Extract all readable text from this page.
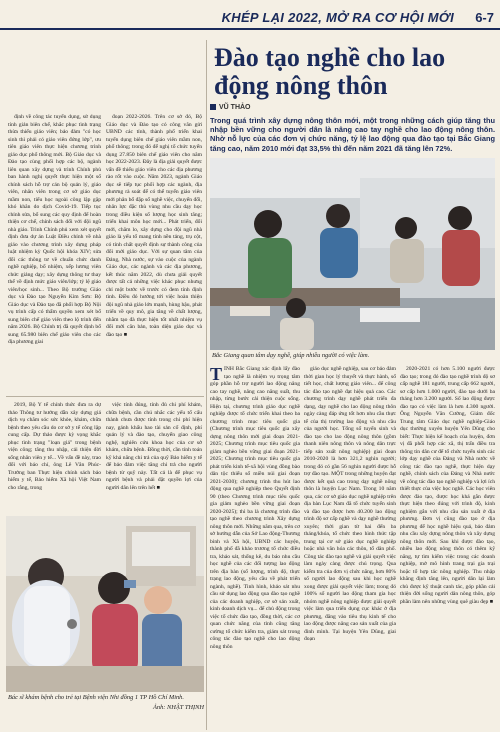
KHÉP LẠI 2022, MỞ RA CƠ HỘI MỚI 6-7

định về công tác tuyển dụng, sử dụng tính giản biên chế, khắc phục tình trạng thừa thiếu giáo viên; bảo đảm "có học sinh thì phải có giáo viên đứng lớp", ưu tiên giáo viên thực hiện chương trình giáo dục phổ thông mới. Bộ Giáo dục và Đào tạo cùng phối hợp các bộ, ngành liên quan xây dựng và trình Chính phủ ban hành nghị quyết thực hiện một số chính sách hỗ trợ cán bộ quản lý, giáo viên, nhân viên trong cơ sở giáo dục mầm non, tiểu học ngoài công lập gặp khó khăn do dịch Covid-19. Tiếp tục chỉnh sửa, bổ sung các quy định để hoàn thiện cơ chế, chính sách đối với đội ngũ nhà giáo. Trình Chính phủ xem xét quyết định đưa dự án Luật Điều chỉnh về nhà giáo vào chương trình xây dựng pháp luật nhiệm kỳ Quốc hội khóa XIV; sửa đổi các thông tư về chuẩn chức danh nghề nghiệp, bổ nhiệm, xếp lương viên chức giảng dạy; xây dựng thông tư thay thế về định mức giáo viên/lớp; tỷ lệ giáo viên/học sinh... Theo Bộ trưởng Giáo dục và Đào tạo Nguyễn Kim Sơn: Bộ Giáo dục và Đào tạo đã phối hợp Bộ Nội vụ trình cấp có thẩm quyền xem xét bổ sung biên chế giáo viên theo lộ trình đến năm 2026. Bộ Chính trị đã quyết định bổ sung 65.980 biên chế giáo viên cho các địa phương giai

đoạn 2022-2026. Trên cơ sở đó, Bộ Giáo dục và Đào tạo có công văn gửi UBND các tỉnh, thành phố triển khai tuyển dụng biên chế giáo viên mầm non, phổ thông; trong đó để nghị tổ chức tuyển dụng 27.850 biên chế giáo viên cho năm học 2022-2023. Đây là địa giải quyết được vấn đề thiếu giáo viên cho các địa phương rào rốt vào cuộc. Năm 2023, ngành Giáo dục sẽ tiếp tục phối hợp các ngành, địa phương rà soát để có thể tuyển giáo viên mới phân bổ đặp số nghề việc, chuyển đổi, nhân lực đặc thù vùng nhu cầu dạy học trong điều kiện số lượng học sinh tăng; triển khai môn học mới... Phát triển, đổi mới, chăm lo, xây dựng cho đội ngũ nhà giáo là yếu tố mang tính nền tảng, trụ cột, có tính chất quyết định sự thành công của đổi mới giáo dục. Với sự quan tâm của Đảng, Nhà nước, sự vào cuộc của ngành Giáo dục, các ngành và các địa phương, kết thúc năm 2022, dù chưa giải quyết được tất cả những việc khác phục nhưng chỉ một bước về trước có đem tính định tình. Điều đó hướng tới việc hoàn thiện đội ngũ nhà giáo lớn mạnh, hùng hậu, phát triển về quy mô, gia tăng về chất lượng, nhằm tạo đà thực hiện tốt nhất nhiệm vụ đổi mới căn bản, toàn diện giáo dục và đào tạo ■

2019, Bộ Y tế chính thức đưa ra dự thảo Thông tư hướng dẫn xây dựng giá dịch vụ chăm sóc sức khỏe, khám, chữa bệnh theo yêu cầu do cơ sở y tế công lập cung cấp. Dự thảo được kỳ vọng khắc phục tình trạng "loạn giá" trong bệnh viện công; tăng thu nhập, cải thiện đời sống nhân viên y tế... Về vấn đề này, trao đổi với báo chí, ông Lê Văn Phúc-Trưởng ban Thực hiện chính sách bảo hiểm y tế, Bảo hiểm Xã hội Việt Nam cho rằng, trong

việc tính đúng, tính đủ chi phí khám, chữa bệnh, cần chú nhắc các yếu tố cấu thành chưa được tính trong chi phí hiện nay, gánh khấu hao tài sản cố định, phí quản lý và đào tạo, chuyển giao công nghệ, nghiên cứu khoa học của cơ sở khám, chữa bệnh. Đồng thời, cần tính toán kỹ khả năng chi trả của quỹ Bảo hiểm y tế để bảo đảm việc tăng chi trả cho người bệnh từ quỹ này. Tất cả là để phục vụ người bệnh và phải đặt quyền lợi của người dân lên trên hết ■

Bác sĩ khám bệnh cho trẻ tại Bệnh viện Nhi đồng 1 TP Hồ Chí Minh.
Ảnh: NHẬT THỊNH
Đào tạo nghề cho lao động nông thôn
VŨ THẢO
Trong quá trình xây dựng nông thôn mới, một trong những cách giúp tăng thu nhập bền vững cho người dân là nâng cao tay nghề cho lao động nông thôn. Nhờ nỗ lực của các đơn vị chức năng, tỷ lệ lao động qua đào tạo tại Bắc Giang tăng cao, năm 2010 mới đạt 33,5% thì đến năm 2021 đã tăng lên 72%.
Bắc Giang quan tâm dạy nghề, giúp nhiều người có việc làm.

TỈNH Bắc Giang xác định lấy đào tạo nghề là nhiệm vụ trọng tâm góp phần hỗ trợ người lao động nâng cao tay nghề, nâng cao năng suất, thu nhập, từng bước cải thiện cuộc sống. Hiện tại, chương trình giáo dục nghề nghiệp được tổ chức triển khai theo ba chương trình mục tiêu quốc gia (Chương trình mục tiêu quốc gia xây dựng nông thôn mới giai đoạn 2021-2025; Chương trình mục tiêu quốc gia giảm nghèo bền vững giai đoạn 2021-2025; Chương trình mục tiêu quốc gia phát triển kinh tế-xã hội vùng đồng bào dân tộc thiểu số miền núi giai đoạn 2021-2030); chương trình thu hút lao động qua nghề nghiệp theo Quyết định 90 (theo Chương trình mục tiêu quốc gia giảm nghèo bền vững giai đoạn 2020-2025); thì ba là chương trình đào tạo nghề theo chương trình Xây dựng nông thôn mới. Những năm qua, trên cơ sở hướng dẫn của Sở Lao động-Thương binh và Xã hội, UBND các huyện, thành phố đã khảo trương tổ chức điều tra, khảo sát, thống kê, du báo nhu cầu học nghề của các đối tượng lao động trên địa bàn (số lượng, trình độ, thực trạng lao động, yêu cầu về phát triển ngành, nghề). Tình hình, khảo sát nhu cầu sử dụng lao động qua đào tạo nghề của các doanh nghiệp, cơ sở sản xuất, kinh doanh dịch vụ... để chủ động trong việc tổ chức đào tạo, đồng thời, các cơ quan chức năng của tỉnh cũng tăng cường tổ chức kiểm tra, giám sát trong công tác đào tạo nghề cho lao động nông thôn

giáo dục nghề nghiệp, sau cơ bảo đảm thời gian học lý thuyết và thực hành, số tiết học, chất lượng giáo viên... để công tác đào tạo nghề đạt hiệu quả cao. Các chương trình dạy nghề phát triển đa dạng, dạy nghề cho lao động nông thôn ngày càng đáp ứng tốt hơn nhu cầu thực tế của thị trường lao động và nhu cầu của người học. Tổng số tuyển sinh và đào tạo cho lao động nông thôn (gồm thanh niên nông thôn và nông dân trực tiếp sản xuất nông nghiệp) giai đoạn 2010-2020 là hơn 321,2 nghìn người; trong đó có gần 56 nghìn người được hỗ trợ đào tạo. MỘT trong những huyện đạt được kết quả cao trong dạy nghề nông thôn là huyện Lục Nam. Trong 10 năm qua, các cơ sở giáo dục nghề nghiệp trên địa bàn Lục Nam đã tổ chức tuyển sinh và đào tạo được hơn 40.200 lao động trình độ sơ cấp nghề và dạy nghề thường xuyên; thời gian từ hai đến ba tháng/khóa, tổ chức theo hình thức tập trung tại cơ sở giáo dục nghề nghiệp hoặc nhà văn hóa các thôn, tổ dân phố. Công tác đào tạo nghề và giải quyết việc làm ngày càng được chú trọng. Qua kiểm tra của đơn vị chức năng, hơn 80% số người lao động sau khi học nghề xong được giải quyết việc làm; trong đó 100% số người lao động tham gia học nhóm nghề nông nghiệp được giải quyết việc làm qua triển dụng cục khác ở địa phương, đăng vào tiêu thụ kinh tế cho lao động được nâng cao sản xuất của gia đình mình. Tại huyện Yên Dũng, giai đoạn

2020-2021 có hơn 5.100 người được đào tạo; trong đó đào tạo nghề trình độ sơ cấp nghề 181 người, trung cấp 662 người, sơ cấp hơn 1.000 người, đào tạo dưới ba tháng hơn 3.200 người. Số lao động được đào tạo có việc làm là hơn 4.300 người. Ông Nguyễn Văn Cường, Giám đốc Trung tâm Giáo dục nghề nghiệp-Giáo dục thường xuyên huyện Yên Dũng cho biết: Thực hiện kế hoạch của huyện, đơn vị đã phối hợp các xã, thị trấn điều tra thông tin dân cư để tổ chức tuyển sinh các lớp dạy nghề của Đảng và Nhà nước về công tác đào tạo nghề, thực hiện dạy nghề, chính sách của Đảng và Nhà nước về công tác đào tạo nghề nghiệp và lợi ích thiết thực của việc học nghề. Các học viên được đào tạo, được học khá gắn được thực hiện theo đúng với trình độ, kinh nghiệm gắn với nhu cầu sản xuất ở địa phương. Đơn vị cũng đào tạo ở địa phương để học nghề hiệu quả, bảo đảm nhu cầu xây dựng nông thôn và xây dựng nông thôn mới. Sau khi được đào tạo, nhiều lao động nông thôn có thêm kỹ năng, tự tìm kiếm việc trong các doanh nghiệp, mở mô hình trang trại gia trại hoặc tổ hợp tác nông nghiệp. Thu nhập khẳng định tăng lên, người dân lại làm chủ được kỹ thuật canh tác, góp phần cải thiện đời sống người dân nông thôn, góp phần làm nên những vùng quê giàu đẹp ■
